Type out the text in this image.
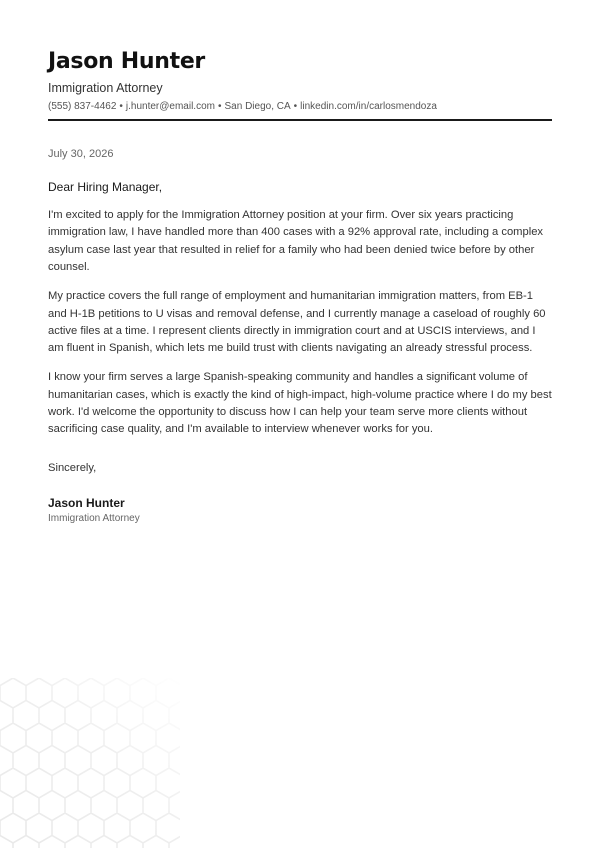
Jason Hunter
Immigration Attorney
(555) 837-4462 • j.hunter@email.com • San Diego, CA • linkedin.com/in/carlosmendoza
July 30, 2026
Dear Hiring Manager,

I'm excited to apply for the Immigration Attorney position at your firm. Over six years practicing immigration law, I have handled more than 400 cases with a 92% approval rate, including a complex asylum case last year that resulted in relief for a family who had been denied twice before by other counsel.

My practice covers the full range of employment and humanitarian immigration matters, from EB-1 and H-1B petitions to U visas and removal defense, and I currently manage a caseload of roughly 60 active files at a time. I represent clients directly in immigration court and at USCIS interviews, and I am fluent in Spanish, which lets me build trust with clients navigating an already stressful process.

I know your firm serves a large Spanish-speaking community and handles a significant volume of humanitarian cases, which is exactly the kind of high-impact, high-volume practice where I do my best work. I'd welcome the opportunity to discuss how I can help your team serve more clients without sacrificing case quality, and I'm available to interview whenever works for you.

Sincerely,
Jason Hunter
Immigration Attorney
